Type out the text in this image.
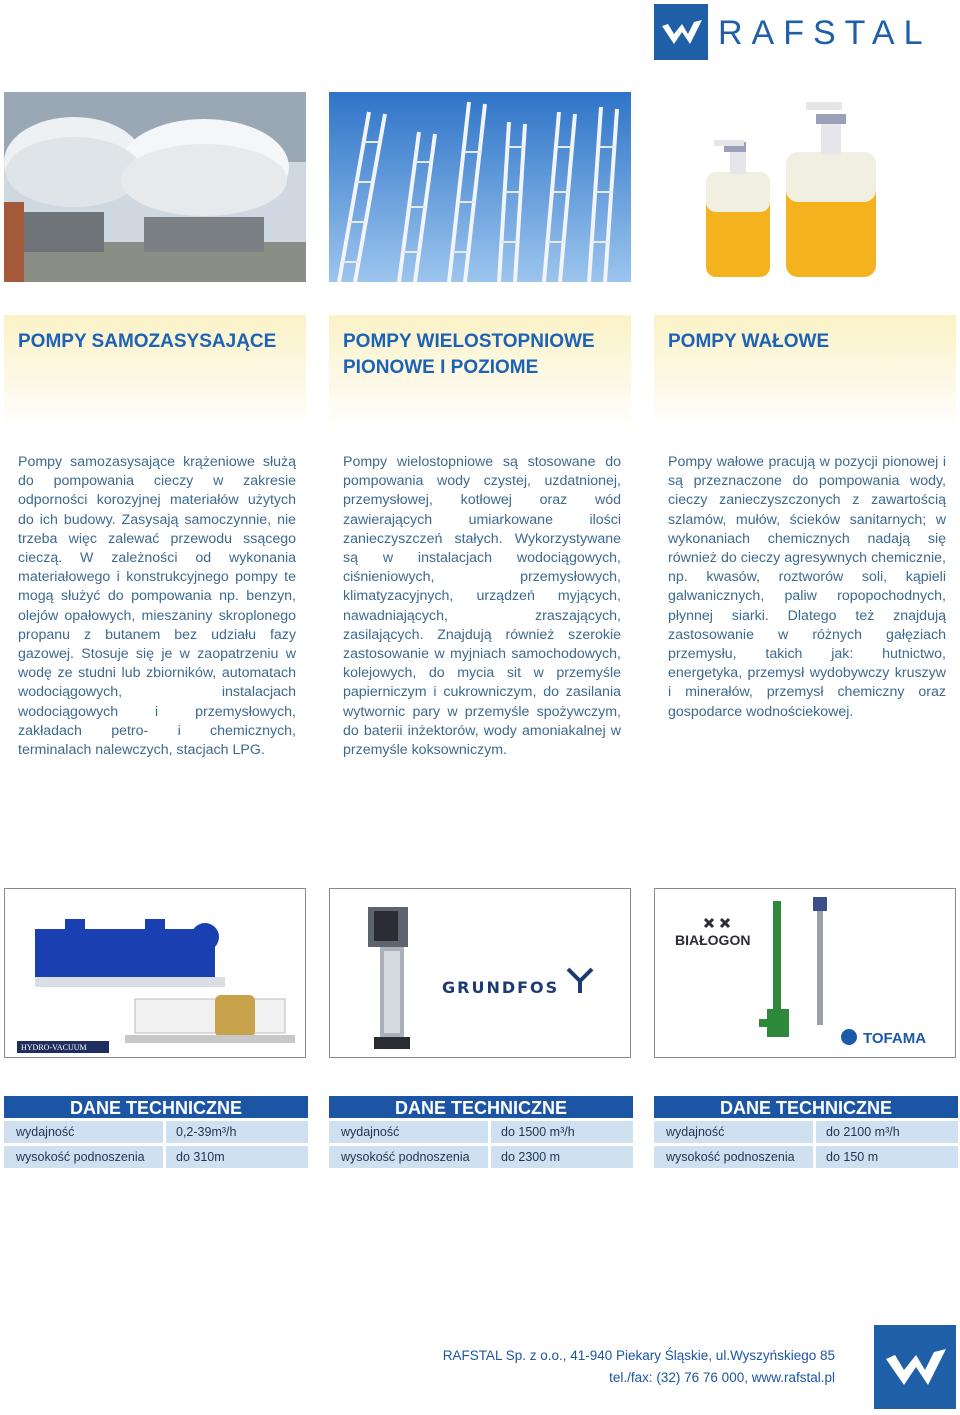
RAFSTAL
POMPY SAMOZASYSAJĄCE	POMPY WIELOSTOPNIOWE PIONOWE I POZIOME
POMPY WAŁOWE

Pompy samozasysające krążeniowe służą do pompowania cieczy w zakresie odporności korozyjnej materiałów użytych do ich budowy. Zasysają samoczynnie, nie trzeba więc zalewać przewodu ssącego cieczą. W zależności od wykonania materiałowego i konstrukcyjnego pompy te mogą służyć do pompowania np. benzyn, olejów opałowych, mieszaniny skroplonego propanu z butanem bez udziału fazy gazowej. Stosuje się je w zaopatrzeniu w wodę ze studni lub zbiorników, automatach wodociągowych, instalacjach wodociągowych i przemysłowych, zakładach petro- i chemicznych, terminalach nalewczych, stacjach LPG.

Pompy wielostopniowe są stosowane do pompowania wody czystej, uzdatnionej, przemysłowej, kotłowej oraz wód zawierających umiarkowane ilości zanieczyszczeń stałych. Wykorzystywane są w instalacjach wodociągowych, ciśnieniowych, przemysłowych, klimatyzacyjnych, urządzeń myjących, nawadniających, zraszających, zasilających. Znajdują również szerokie zastosowanie w myjniach samochodowych, kolejowych, do mycia sit w przemyśle papierniczym i cukrowniczym, do zasilania wytwornic pary w przemyśle spożywczym, do baterii inżektorów, wody amoniakalnej w przemyśle koksowniczym.

Pompy wałowe pracują w pozycji pionowej i są przeznaczone do pompowania wody, cieczy zanieczyszczonych z zawartością szlamów, mułów, ścieków sanitarnych; w wykonaniach chemicznych nadają się również do cieczy agresywnych chemicznie, np. kwasów, roztworów soli, kąpieli galwanicznych, paliw ropopochodnych, płynnej siarki. Dlatego też znajdują zastosowanie w różnych gałęziach przemysłu, takich jak: hutnictwo, energetyka, przemysł wydobywczy kruszyw i minerałów, przemysł chemiczny oraz gospodarce wodnościekowej.

HYDRO-VACUUM
GRUNDFOS
BIAŁOGON
TOFAMA
DANE TECHNICZNE
wydajność	0,2-39m³/h
wysokość podnoszenia	do 310m
DANE TECHNICZNE
wydajność	do 1500 m³/h
wysokość podnoszenia	do 2300 m
DANE TECHNICZNE
wydajność	do 2100 m³/h
wysokość podnoszenia	do 150 m
RAFSTAL Sp. z o.o., 41-940 Piekary Śląskie, ul.Wyszyńskiego 85
tel./fax: (32) 76 76 000, www.rafstal.pl
